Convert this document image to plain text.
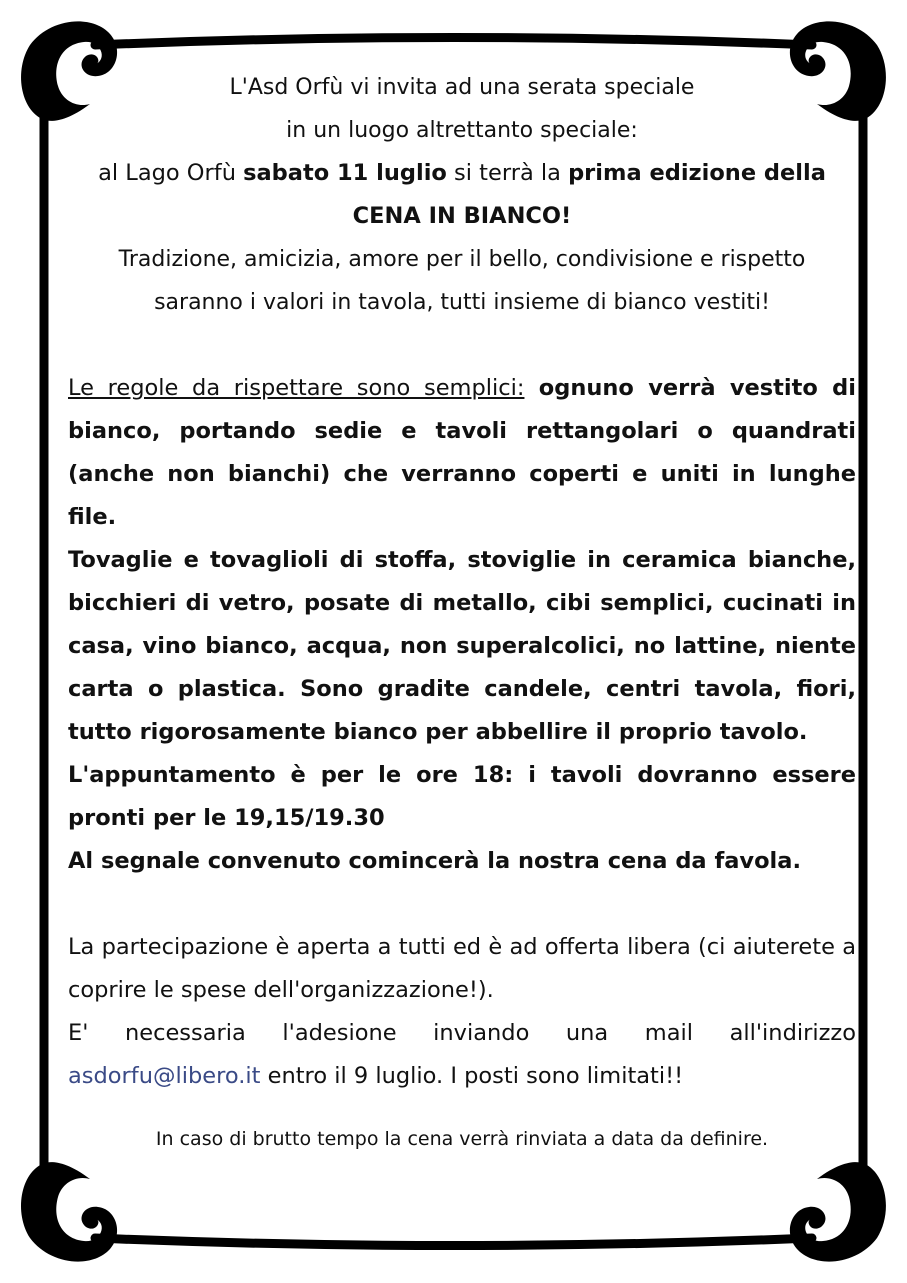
L'Asd Orfù vi invita ad una serata speciale
in un luogo altrettanto speciale:
al Lago Orfù sabato 11 luglio si terrà la prima edizione della
CENA IN BIANCO!
Tradizione, amicizia, amore per il bello, condivisione e rispetto
saranno i valori in tavola, tutti insieme di bianco vestiti!
Le regole da rispettare sono semplici: ognuno verrà vestito di bianco, portando sedie e tavoli rettangolari o quandrati (anche non bianchi) che verranno coperti e uniti in lunghe file.
Tovaglie e tovaglioli di stoffa, stoviglie in ceramica bianche, bicchieri di vetro, posate di metallo, cibi semplici, cucinati in casa, vino bianco, acqua, non superalcolici, no lattine, niente carta o plastica. Sono gradite candele, centri tavola, fiori, tutto rigorosamente bianco per abbellire il proprio tavolo.
L'appuntamento è per le ore 18: i tavoli dovranno essere pronti per le 19,15/19.30
Al segnale convenuto comincerà la nostra cena da favola.
La partecipazione è aperta a tutti ed è ad offerta libera (ci aiuterete a coprire le spese dell'organizzazione!).
E' necessaria l'adesione inviando una mail all'indirizzo asdorfu@libero.it entro il 9 luglio. I posti sono limitati!!
In caso di brutto tempo la cena verrà rinviata a data da definire.
